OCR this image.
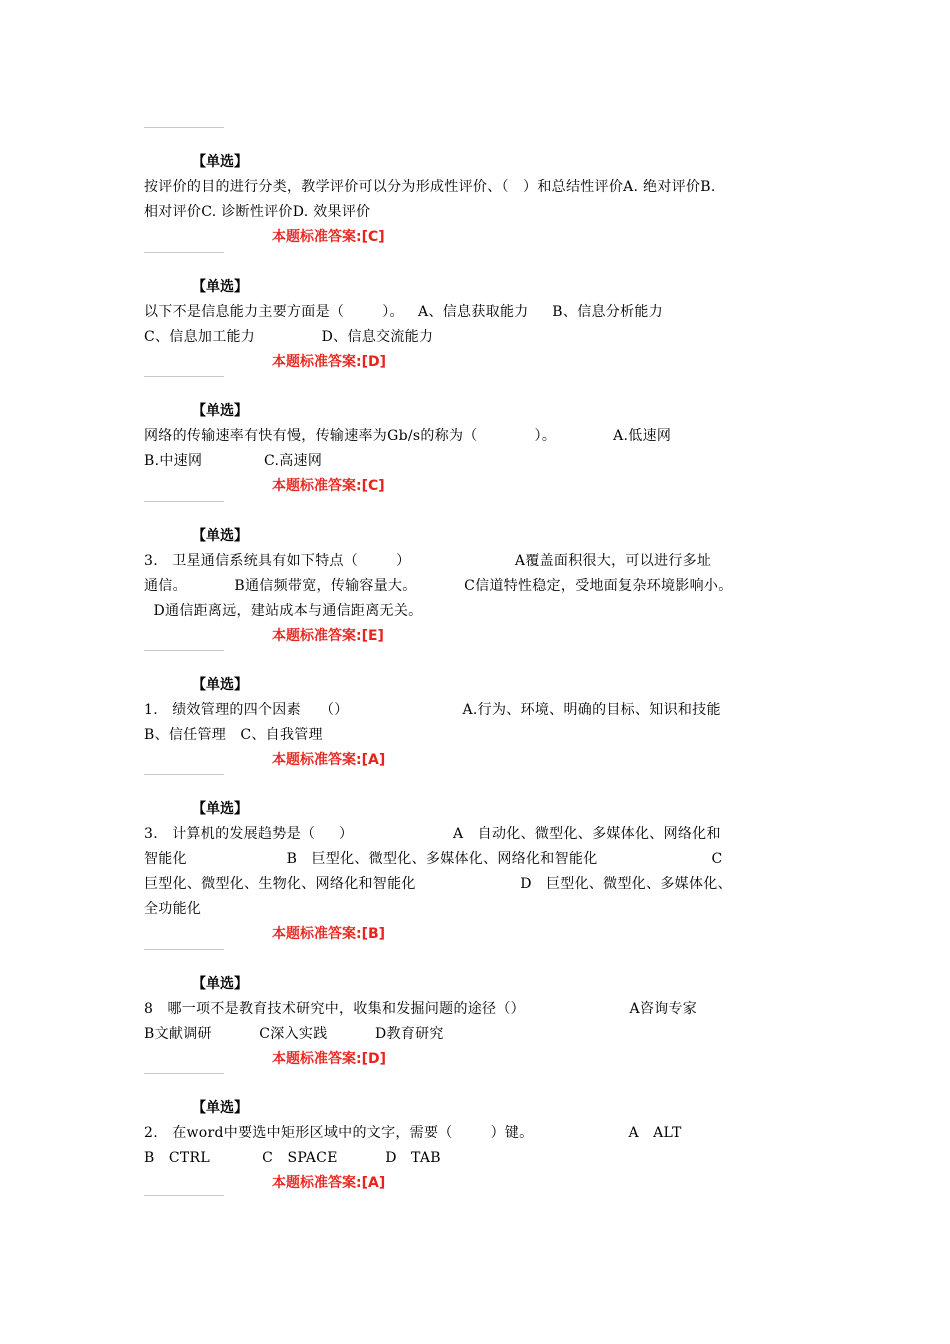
【单选】
按评价的目的进行分类，教学评价可以分为形成性评价、（   ）和总结性评价A. 绝对评价B.
相对评价C. 诊断性评价D. 效果评价
本题标准答案:[C]
【单选】
以下不是信息能力主要方面是（        ）。   A、信息获取能力     B、信息分析能力
C、信息加工能力              D、信息交流能力
本题标准答案:[D]
【单选】
网络的传输速率有快有慢，传输速率为Gb/s的称为（            ）。            A.低速网
B.中速网             C.高速网
本题标准答案:[C]
【单选】
3.   卫星通信系统具有如下特点（        ）                      A覆盖面积很大，可以进行多址
通信。          B通信频带宽，传输容量大。          C信道特性稳定，受地面复杂环境影响小。
D通信距离远，建站成本与通信距离无关。
本题标准答案:[E]
【单选】
1.   绩效管理的四个因素    （）                        A.行为、环境、明确的目标、知识和技能
B、信任管理   C、自我管理
本题标准答案:[A]
【单选】
3.   计算机的发展趋势是（     ）                     A   自动化、微型化、多媒体化、网络化和
智能化                     B   巨型化、微型化、多媒体化、网络化和智能化                        C
巨型化、微型化、生物化、网络化和智能化                      D   巨型化、微型化、多媒体化、
全功能化
本题标准答案:[B]
【单选】
8   哪一项不是教育技术研究中，收集和发掘问题的途径（）                      A咨询专家
B文献调研          C深入实践          D教育研究
本题标准答案:[D]
【单选】
2.   在word中要选中矩形区域中的文字，需要（        ）键。                    A   ALT
B   CTRL           C   SPACE          D   TAB
本题标准答案:[A]
